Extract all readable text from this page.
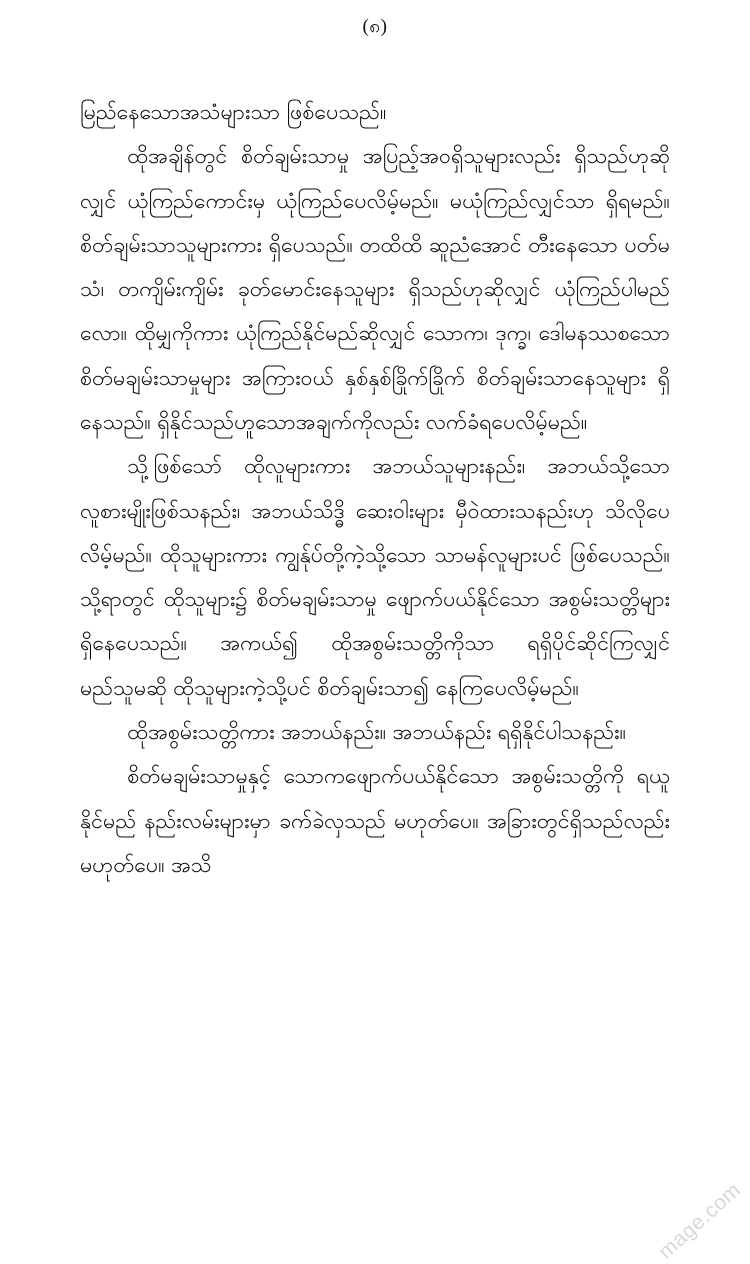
(၈)

မြည်နေသောအသံများသာ ဖြစ်ပေသည်။

ထိုအချိန်တွင် စိတ်ချမ်းသာမှု အပြည့်အဝရှိသူများလည်း ရှိသည်ဟုဆိုလျှင် ယုံကြည်ကောင်းမှ ယုံကြည်ပေလိမ့်မည်။ မယုံကြည်လျှင်သာ ရှိရမည်။ စိတ်ချမ်းသာသူများကား ရှိပေသည်။ တထိထိ ဆူညံအောင် တီးနေသော ပတ်မသံ၊ တကျိမ်းကျိမ်း ခုတ်မောင်းနေသူများ ရှိသည်ဟုဆိုလျှင် ယုံကြည်ပါမည်လော။ ထိုမျှကိုကား ယုံကြည်နိုင်မည်ဆိုလျှင် သောက၊ ဒုက္ခ၊ ဒေါမနဿစသော စိတ်မချမ်းသာမှုများ အကြားဝယ် နှစ်နှစ်ခြိုက်ခြိုက် စိတ်ချမ်းသာနေသူများ ရှိနေသည်။ ရှိနိုင်သည်ဟူသောအချက်ကိုလည်း လက်ခံရပေလိမ့်မည်။

သို့ဖြစ်သော် ထိုလူများကား အဘယ်သူများနည်း၊ အဘယ်သို့သော လူစားမျိုးဖြစ်သနည်း၊ အဘယ်သိဒ္ဓိ ဆေးဝါးများ မှီဝဲထားသနည်းဟု သိလိုပေလိမ့်မည်။ ထိုသူများကား ကျွန်ုပ်တို့ကဲ့သို့သော သာမန်လူများပင် ဖြစ်ပေသည်။ သို့ရာတွင် ထိုသူများ၌ စိတ်မချမ်းသာမှု ဖျောက်ပယ်နိုင်သော အစွမ်းသတ္တိများ ရှိနေပေသည်။ အကယ်၍ ထိုအစွမ်းသတ္တိကိုသာ ရရှိပိုင်ဆိုင်ကြလျှင် မည်သူမဆို ထိုသူများကဲ့သို့ပင် စိတ်ချမ်းသာ၍ နေကြပေလိမ့်မည်။

ထိုအစွမ်းသတ္တိကား အဘယ်နည်း။ အဘယ်နည်း ရရှိနိုင်ပါသနည်း။

စိတ်မချမ်းသာမှုနှင့် သောကဖျောက်ပယ်နိုင်သော အစွမ်းသတ္တိကို ရယူနိုင်မည် နည်းလမ်းများမှာ ခက်ခဲလှသည် မဟုတ်ပေ။ အခြားတွင်ရှိသည်လည်း မဟုတ်ပေ။ အသိ

mage.com
